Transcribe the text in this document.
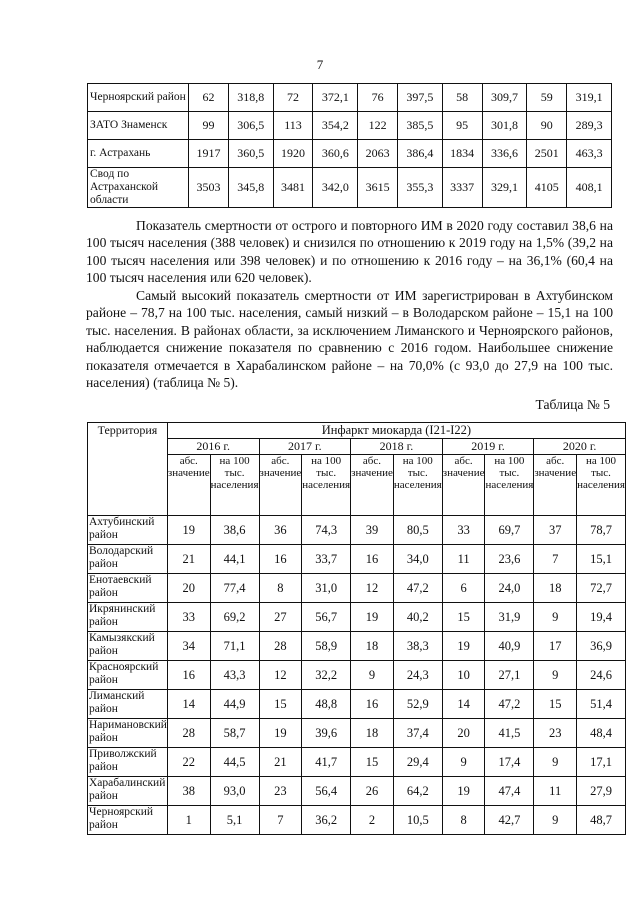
7
Черноярский район	62	318,8	72	372,1	76	397,5	58	309,7	59	319,1
ЗАТО Знаменск	99	306,5	113	354,2	122	385,5	95	301,8	90	289,3
г. Астрахань	1917	360,5	1920	360,6	2063	386,4	1834	336,6	2501	463,3
Свод по Астраханской области	3503	345,8	3481	342,0	3615	355,3	3337	329,1	4105	408,1

Показатель смертности от острого и повторного ИМ в 2020 году составил 38,6 на 100 тысяч населения (388 человек) и снизился по отношению к 2019 году на 1,5% (39,2 на 100 тысяч населения или 398 человек) и по отношению к 2016 году – на 36,1% (60,4 на 100 тысяч населения или 620 человек).

Самый высокий показатель смертности от ИМ зарегистрирован в Ахтубинском районе – 78,7 на 100 тыс. населения, самый низкий – в Володарском районе – 15,1 на 100 тыс. населения. В районах области, за исключением Лиманского и Черноярского районов, наблюдается снижение показателя по сравнению с 2016 годом. Наибольшее снижение показателя отмечается в Харабалинском районе – на 70,0% (с 93,0 до 27,9 на 100 тыс. населения) (таблица № 5).

Таблица № 5
Территория	Инфаркт миокарда (I21-I22)									
	2016 г.		2017 г.		2018 г.		2019 г.		2020 г.	
	абс. значение	на 100 тыс. населения	абс. значение	на 100 тыс. населения	абс. значение	на 100 тыс. населения	абс. значение	на 100 тыс. населения	абс. значение	на 100 тыс. населения
Ахтубинский район	19	38,6	36	74,3	39	80,5	33	69,7	37	78,7
Володарский район	21	44,1	16	33,7	16	34,0	11	23,6	7	15,1
Енотаевский район	20	77,4	8	31,0	12	47,2	6	24,0	18	72,7
Икрянинский район	33	69,2	27	56,7	19	40,2	15	31,9	9	19,4
Камызякский район	34	71,1	28	58,9	18	38,3	19	40,9	17	36,9
Красноярский район	16	43,3	12	32,2	9	24,3	10	27,1	9	24,6
Лиманский район	14	44,9	15	48,8	16	52,9	14	47,2	15	51,4
Наримановский район	28	58,7	19	39,6	18	37,4	20	41,5	23	48,4
Приволжский район	22	44,5	21	41,7	15	29,4	9	17,4	9	17,1
Харабалинский район	38	93,0	23	56,4	26	64,2	19	47,4	11	27,9
Черноярский район	1	5,1	7	36,2	2	10,5	8	42,7	9	48,7
